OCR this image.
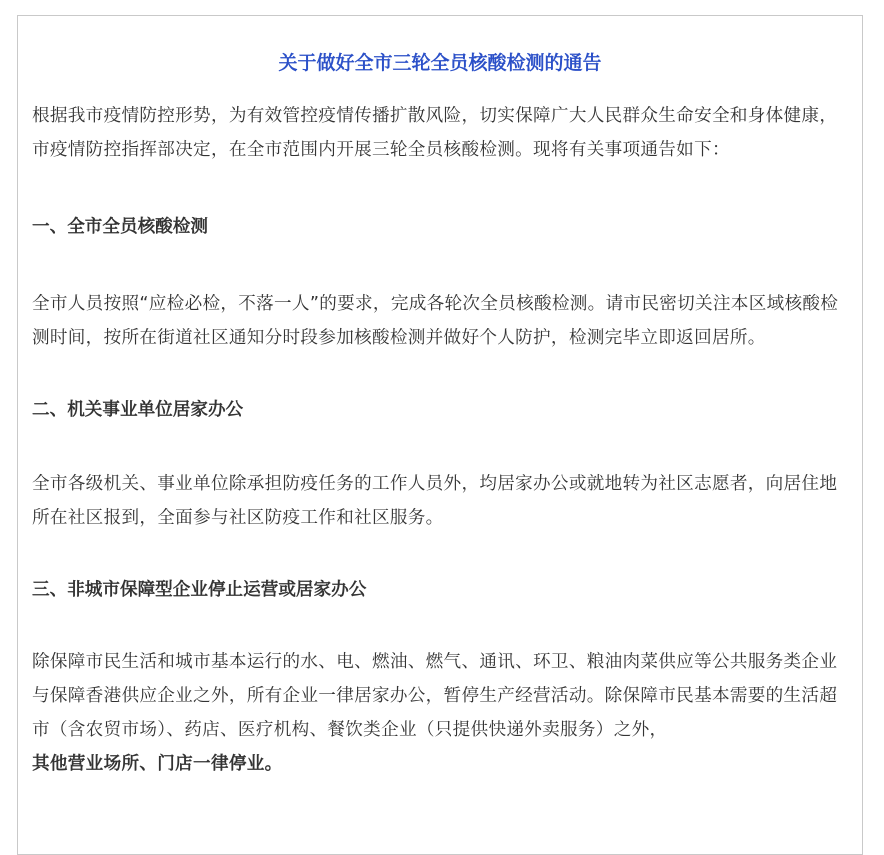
关于做好全市三轮全员核酸检测的通告

根据我市疫情防控形势，为有效管控疫情传播扩散风险，切实保障广大人民群众生命安全和身体健康，市疫情防控指挥部决定，在全市范围内开展三轮全员核酸检测。现将有关事项通告如下：

一、全市全员核酸检测

全市人员按照“应检必检，不落一人”的要求，完成各轮次全员核酸检测。请市民密切关注本区域核酸检测时间，按所在街道社区通知分时段参加核酸检测并做好个人防护，检测完毕立即返回居所。

二、机关事业单位居家办公

全市各级机关、事业单位除承担防疫任务的工作人员外，均居家办公或就地转为社区志愿者，向居住地所在社区报到，全面参与社区防疫工作和社区服务。

三、非城市保障型企业停止运营或居家办公

除保障市民生活和城市基本运行的水、电、燃油、燃气、通讯、环卫、粮油肉菜供应等公共服务类企业与保障香港供应企业之外，所有企业一律居家办公，暂停生产经营活动。除保障市民基本需要的生活超市（含农贸市场）、药店、医疗机构、餐饮类企业（只提供快递外卖服务）之外，
其他营业场所、门店一律停业。
